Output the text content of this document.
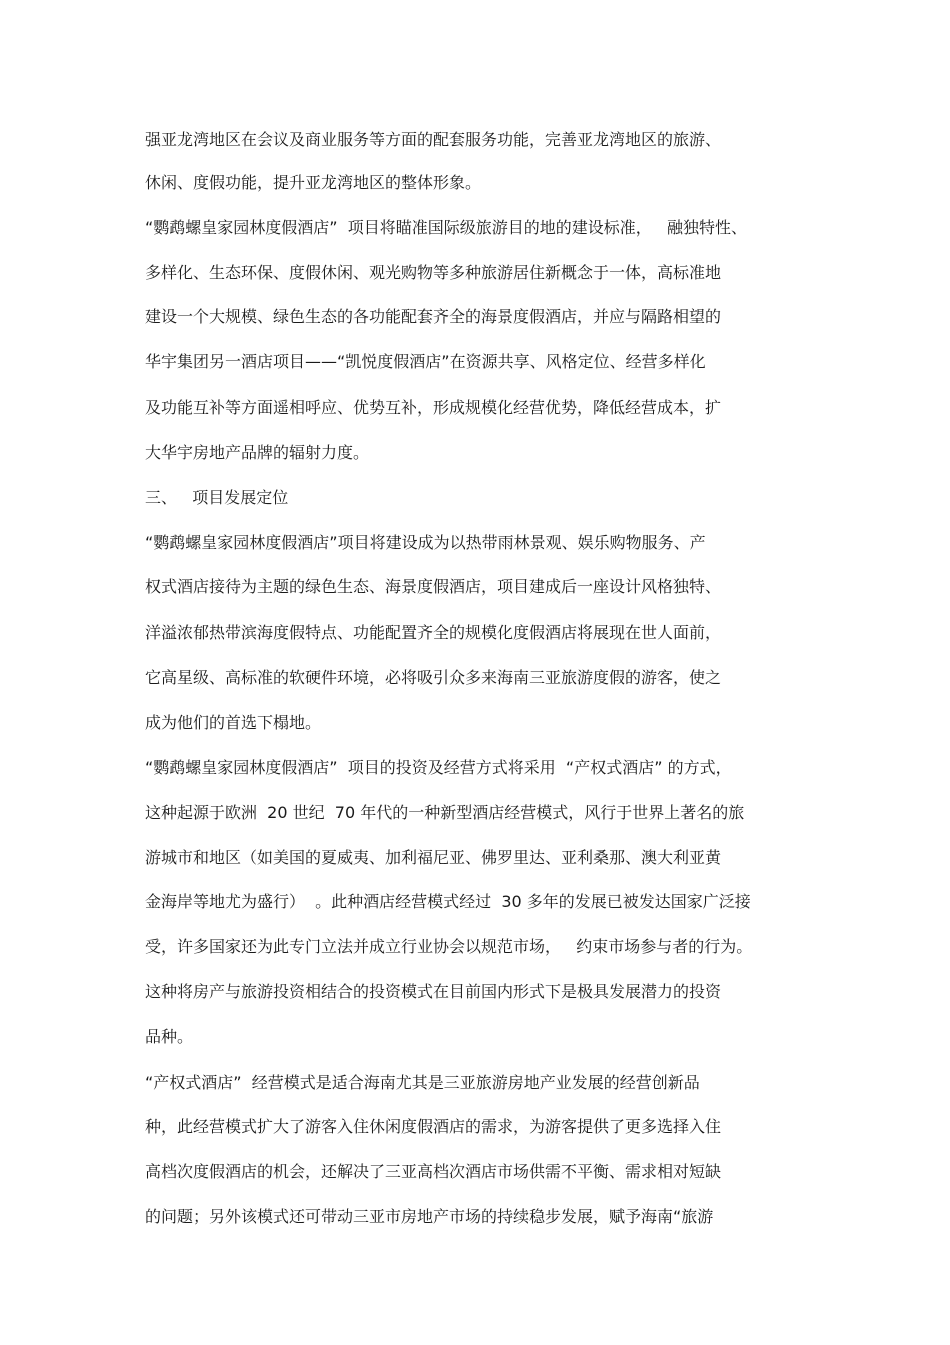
强亚龙湾地区在会议及商业服务等方面的配套服务功能，完善亚龙湾地区的旅游、
休闲、度假功能，提升亚龙湾地区的整体形象。
“鹦鹉螺皇家园林度假酒店”  项目将瞄准国际级旅游目的地的建设标准，   融独特性、
多样化、生态环保、度假休闲、观光购物等多种旅游居住新概念于一体，高标准地
建设一个大规模、绿色生态的各功能配套齐全的海景度假酒店，并应与隔路相望的
华宇集团另一酒店项目——“凯悦度假酒店”在资源共享、风格定位、经营多样化
及功能互补等方面遥相呼应、优势互补，形成规模化经营优势，降低经营成本，扩
大华宇房地产品牌的辐射力度。
三、   项目发展定位
“鹦鹉螺皇家园林度假酒店”项目将建设成为以热带雨林景观、娱乐购物服务、产
权式酒店接待为主题的绿色生态、海景度假酒店，项目建成后一座设计风格独特、
洋溢浓郁热带滨海度假特点、功能配置齐全的规模化度假酒店将展现在世人面前，
它高星级、高标准的软硬件环境，必将吸引众多来海南三亚旅游度假的游客，使之
成为他们的首选下榻地。
“鹦鹉螺皇家园林度假酒店”  项目的投资及经营方式将采用  “产权式酒店” 的方式，
这种起源于欧洲  20 世纪  70 年代的一种新型酒店经营模式，风行于世界上著名的旅
游城市和地区（如美国的夏威夷、加利福尼亚、佛罗里达、亚利桑那、澳大利亚黄
金海岸等地尤为盛行）  。此种酒店经营模式经过  30 多年的发展已被发达国家广泛接
受，许多国家还为此专门立法并成立行业协会以规范市场，   约束市场参与者的行为。
这种将房产与旅游投资相结合的投资模式在目前国内形式下是极具发展潜力的投资
品种。
“产权式酒店”  经营模式是适合海南尤其是三亚旅游房地产业发展的经营创新品
种，此经营模式扩大了游客入住休闲度假酒店的需求，为游客提供了更多选择入住
高档次度假酒店的机会，还解决了三亚高档次酒店市场供需不平衡、需求相对短缺
的问题；另外该模式还可带动三亚市房地产市场的持续稳步发展，赋予海南“旅游
